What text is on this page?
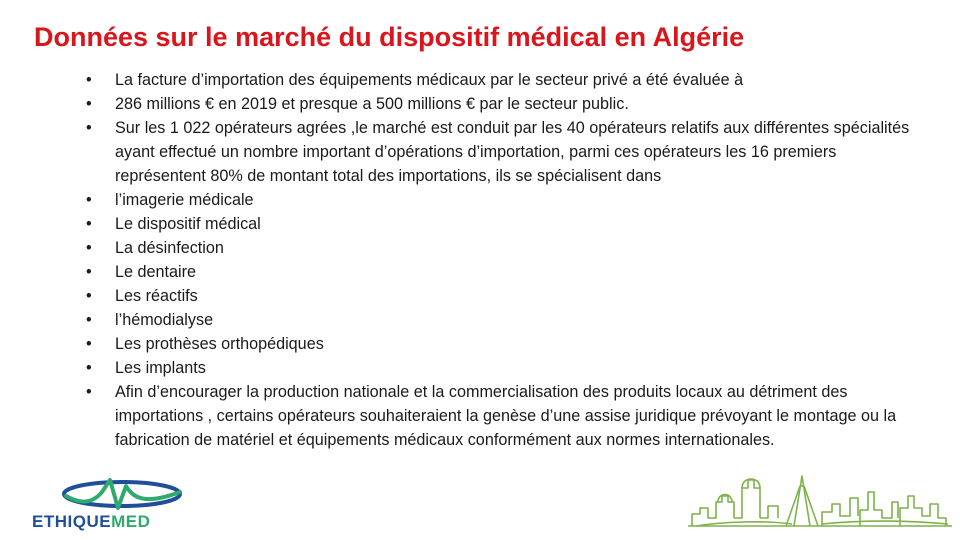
Données sur le marché du dispositif médical en Algérie
• La facture d’importation des équipements médicaux par le secteur privé a été évaluée à
• 286 millions € en 2019 et presque a 500 millions € par le secteur public.
• Sur les 1 022 opérateurs agrées ,le marché est conduit par les 40 opérateurs relatifs aux différentes spécialités ayant effectué un nombre important d’opérations d’importation, parmi ces opérateurs les 16 premiers représentent 80% de montant total des importations, ils se spécialisent dans
• l’imagerie médicale
• Le dispositif médical
• La désinfection
• Le dentaire
• Les réactifs
• l’hémodialyse
• Les prothèses orthopédiques
• Les implants
• Afin d’encourager la production nationale et la commercialisation des produits locaux au détriment des importations , certains opérateurs souhaiteraient la genèse d’une assise juridique prévoyant le montage ou la fabrication de matériel et équipements médicaux conformément aux normes internationales.
ETHIQUEMED
